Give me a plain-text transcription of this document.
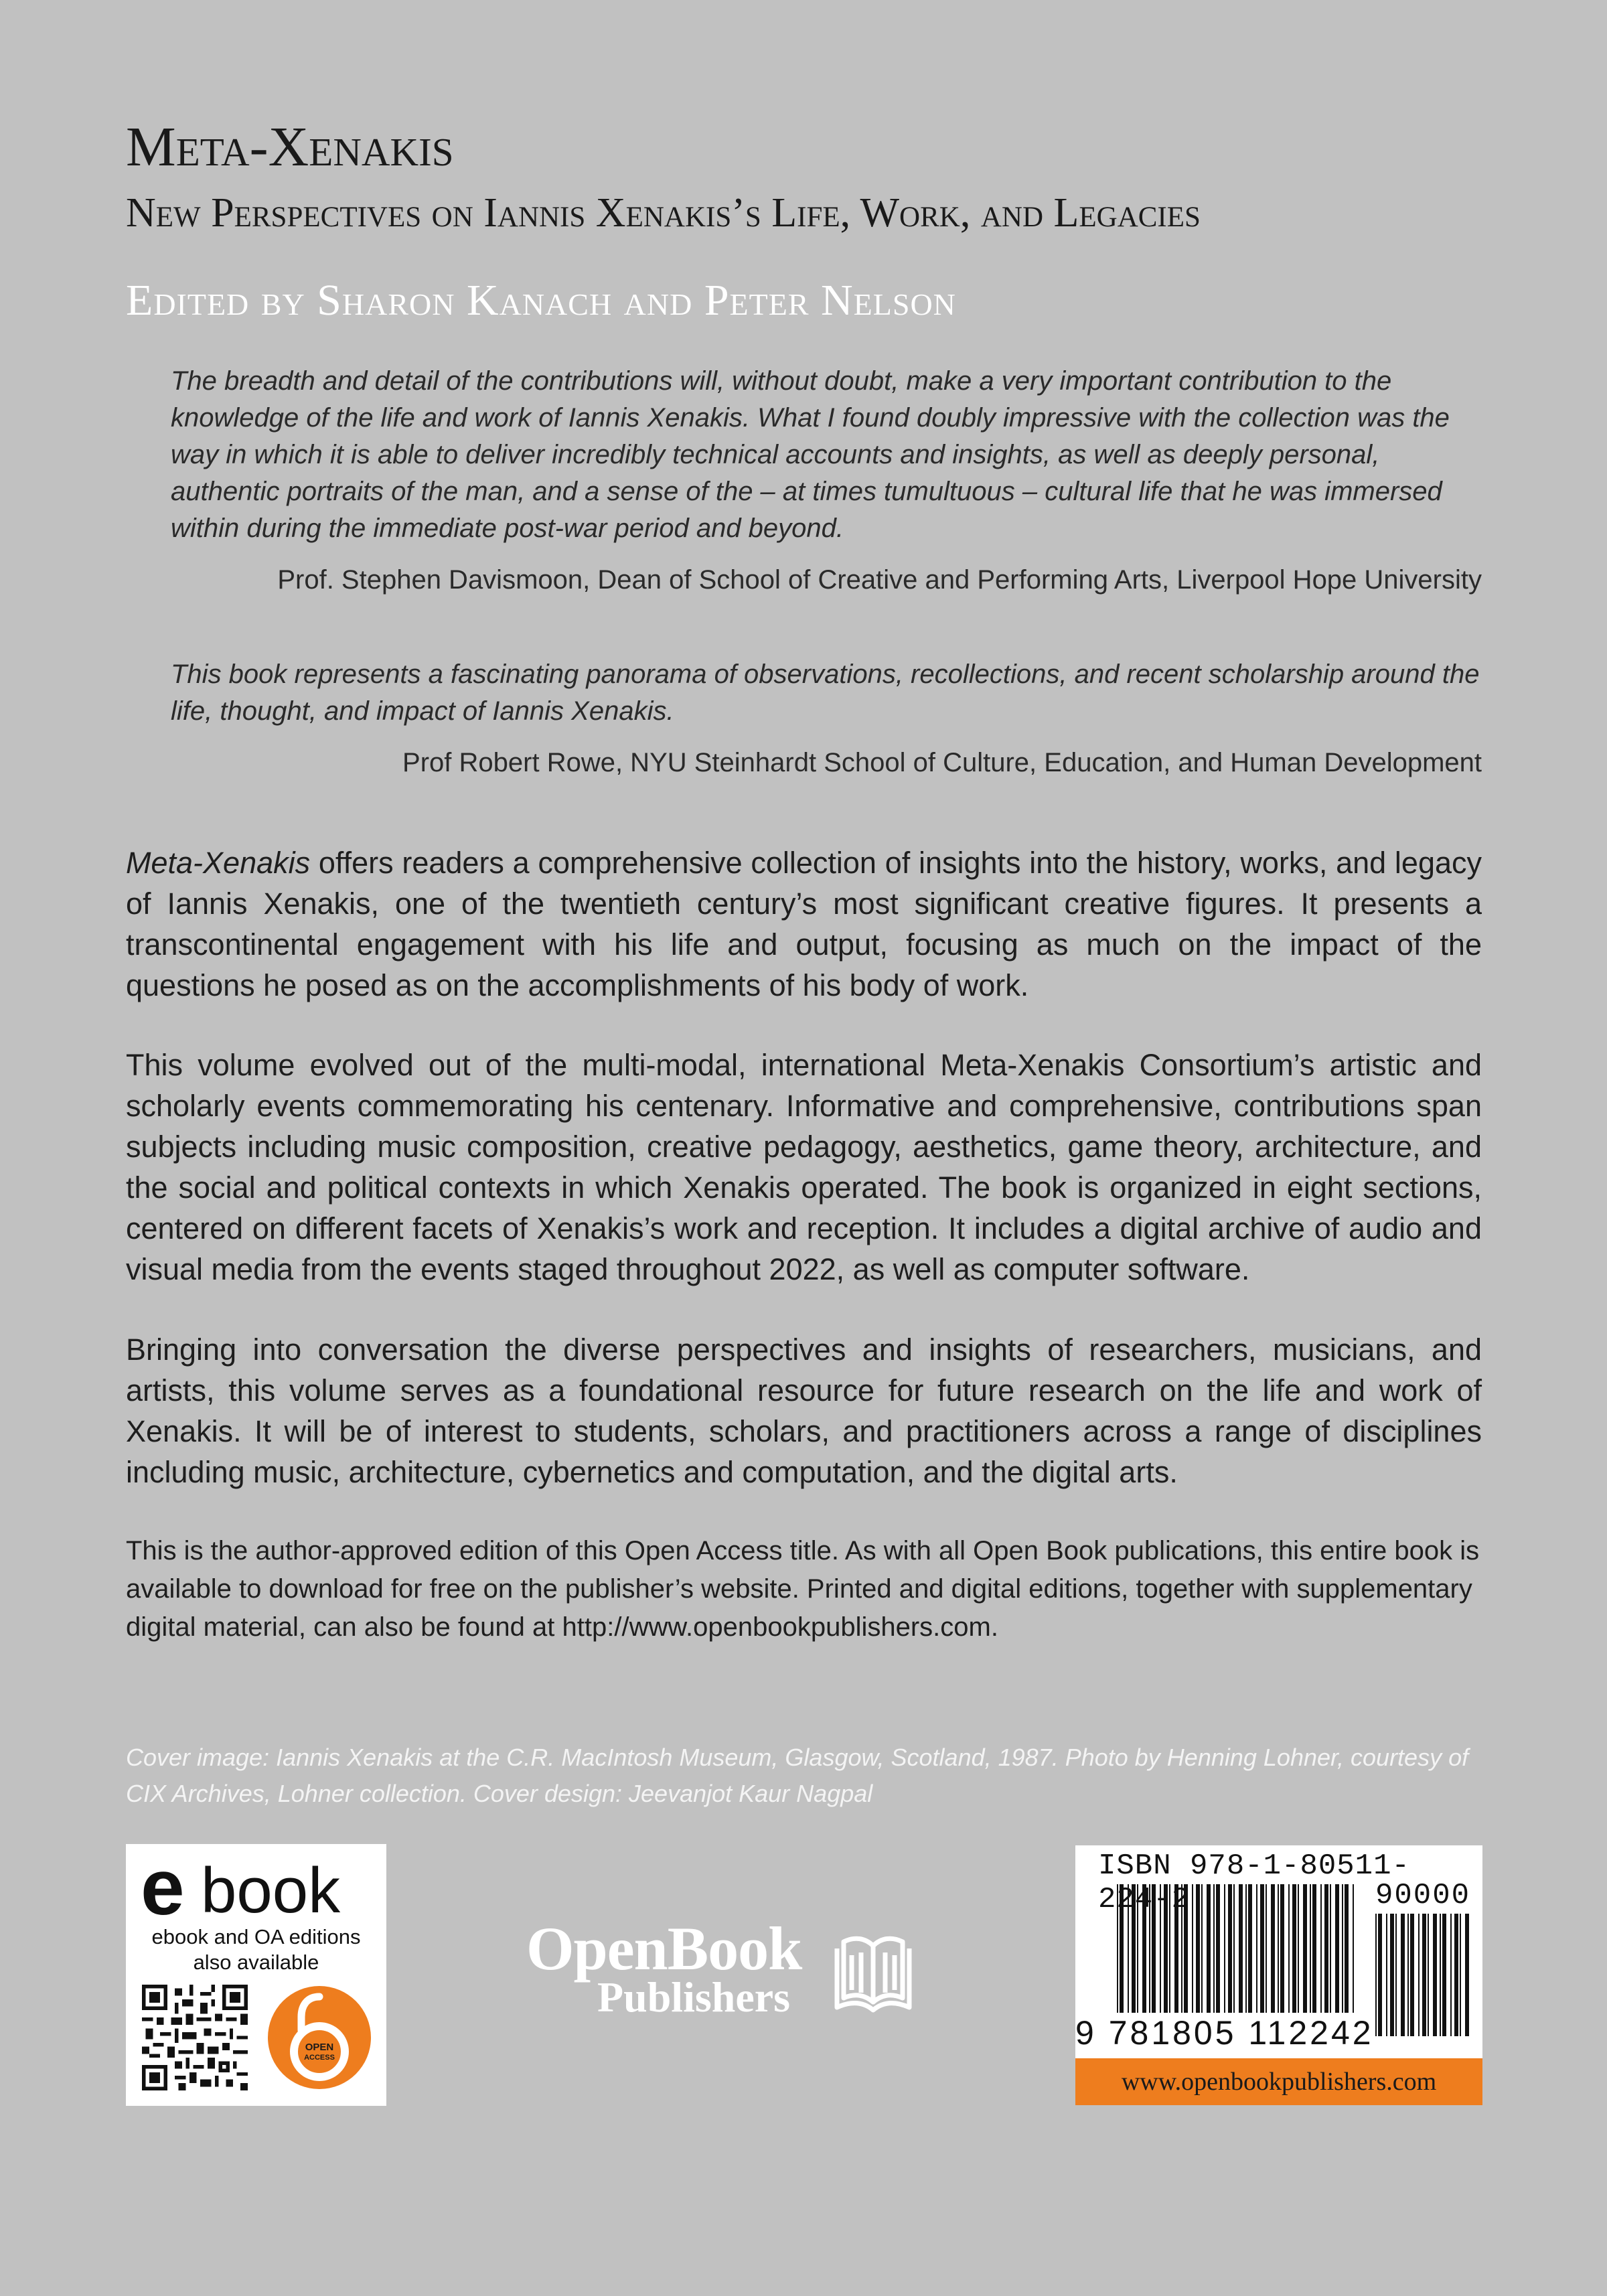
Meta-Xenakis
New Perspectives on Iannis Xenakis’s Life, Work, and Legacies
Edited by Sharon Kanach and Peter Nelson

The breadth and detail of the contributions will, without doubt, make a very important contribution to the knowledge of the life and work of Iannis Xenakis. What I found doubly impressive with the collection was the way in which it is able to deliver incredibly technical accounts and insights, as well as deeply personal, authentic portraits of the man, and a sense of the – at times tumultuous – cultural life that he was immersed within during the immediate post-war period and beyond.

Prof. Stephen Davismoon, Dean of School of Creative and Performing Arts, Liverpool Hope University

This book represents a fascinating panorama of observations, recollections, and recent scholarship around the life, thought, and impact of Iannis Xenakis.

Prof Robert Rowe, NYU Steinhardt School of Culture, Education, and Human Development

Meta-Xenakis offers readers a comprehensive collection of insights into the history, works, and legacy of Iannis Xenakis, one of the twentieth century’s most significant creative figures. It presents a transcontinental engagement with his life and output, focusing as much on the impact of the questions he posed as on the accomplishments of his body of work.

This volume evolved out of the multi-modal, international Meta-Xenakis Consortium’s artistic and scholarly events commemorating his centenary. Informative and comprehensive, contributions span subjects including music composition, creative pedagogy, aesthetics, game theory, architecture, and the social and political contexts in which Xenakis operated. The book is organized in eight sections, centered on different facets of Xenakis’s work and reception. It includes a digital archive of audio and visual media from the events staged throughout 2022, as well as computer software.

Bringing into conversation the diverse perspectives and insights of researchers, musicians, and artists, this volume serves as a foundational resource for future research on the life and work of Xenakis. It will be of interest to students, scholars, and practitioners across a range of disciplines including music, architecture, cybernetics and computation, and the digital arts.

This is the author-approved edition of this Open Access title. As with all Open Book publications, this entire book is available to download for free on the publisher’s website. Printed and digital editions, together with supplementary digital material, can also be found at http://www.openbookpublishers.com.

Cover image: Iannis Xenakis at the C.R. MacIntosh Museum, Glasgow, Scotland, 1987. Photo by Henning Lohner, courtesy of CIX Archives, Lohner collection. Cover design: Jeevanjot Kaur Nagpal

e book
ebook and OA editions
also available
OPEN
ACCESS
OpenBook
Publishers
ISBN 978-1-80511-224-2	90000
9 781805 112242
www.openbookpublishers.com
